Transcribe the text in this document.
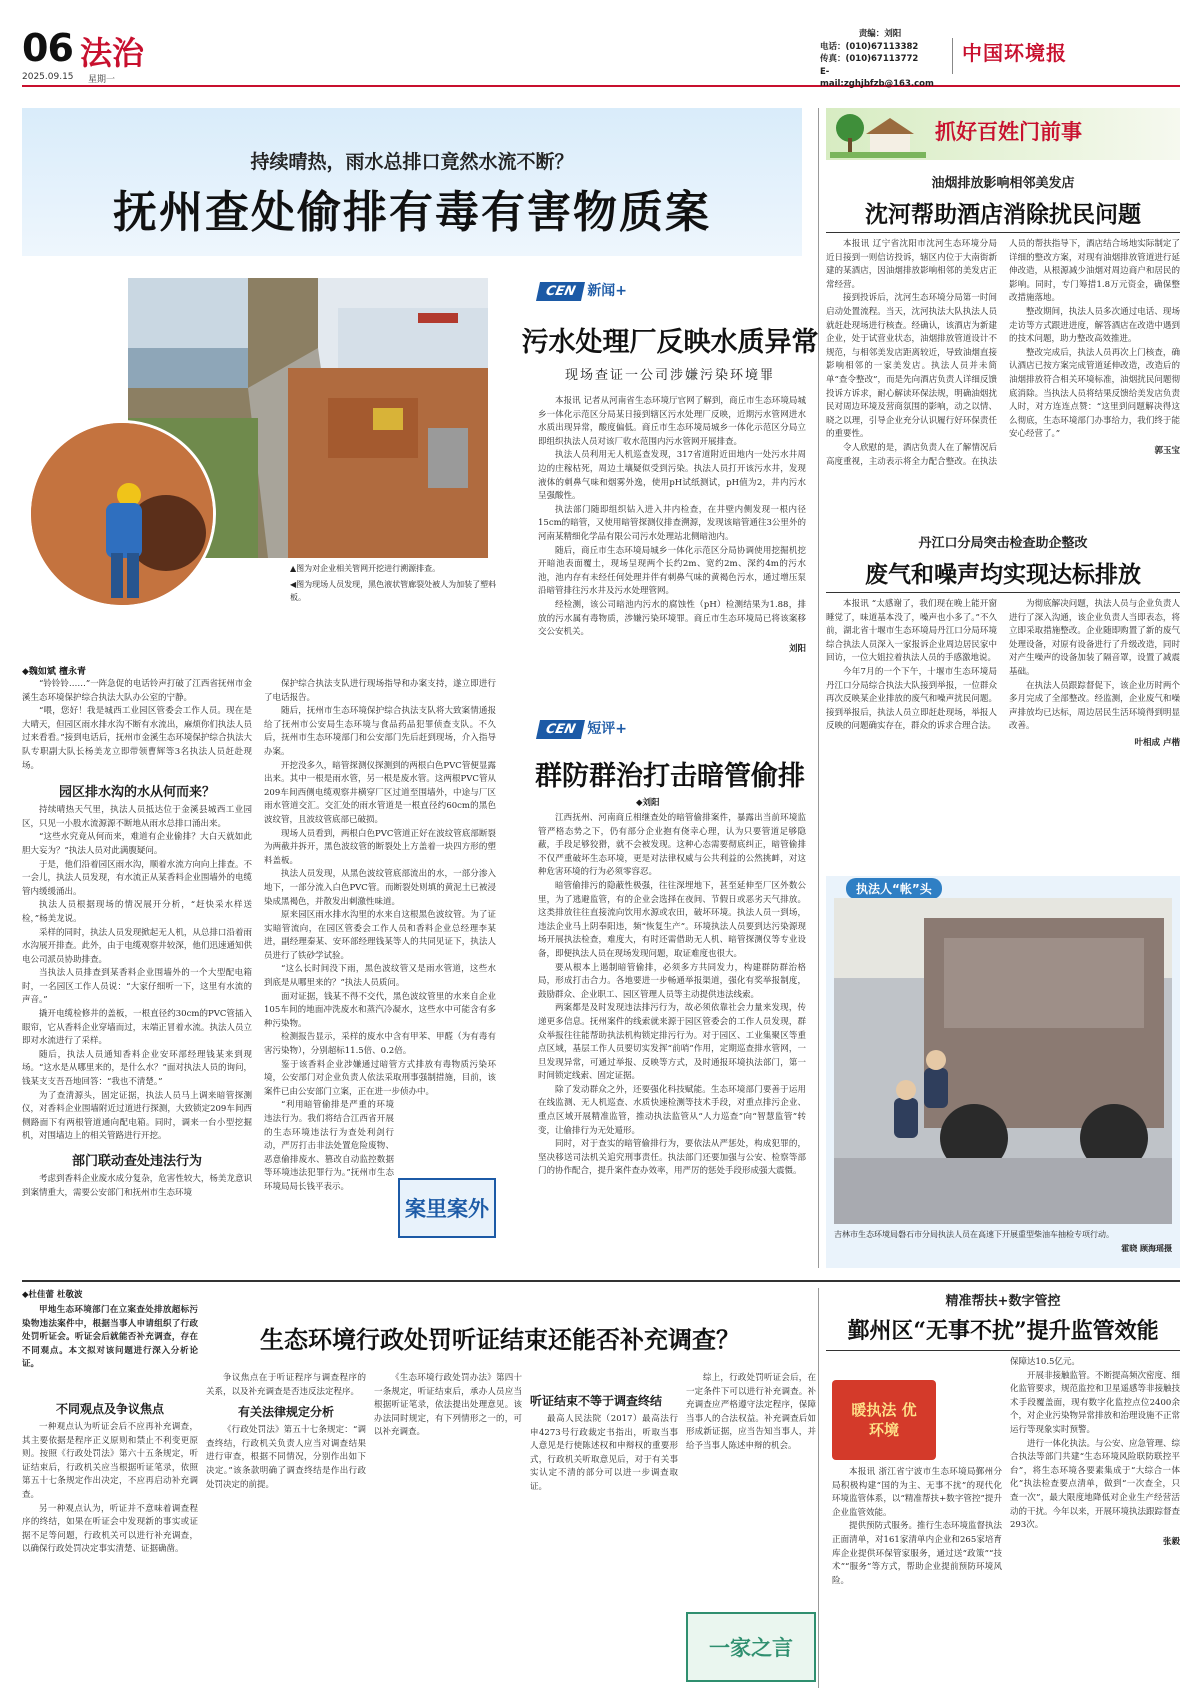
06 法治
2025.09.15 星期一
责编：刘阳
电话：(010)67113382
传真：(010)67113772
E-mail:zghjbfzb@163.com
中国环境报
持续晴热，雨水总排口竟然水流不断？
抚州查处偷排有毒有害物质案
▲图为对企业相关管网开挖进行溯源排查。
◀图为现场人员发现，黑色液状管廊裂处被人为加装了塑料板。
◆魏如斌 檀永青

“铃铃铃……”一阵急促的电话铃声打破了江西省抚州市金溪生态环境保护综合执法大队办公室的宁静。

“喂，您好！我是城西工业园区管委会工作人员。现在是大晴天，但园区雨水排水沟不断有水流出，麻烦你们执法人员过来看看。”接到电话后，抚州市金溪生态环境保护综合执法大队专职副大队长杨美龙立即带领曹辉等3名执法人员赶赴现场。

园区排水沟的水从何而来？

持续晴热天气里，执法人员抵达位于金溪县城西工业园区，只见一小股水流源源不断地从雨水总排口涌出来。

“这些水究竟从何而来，难道有企业偷排？大白天就如此胆大妄为？”执法人员对此满腹疑问。

于是，他们沿着园区雨水沟，顺着水流方向向上排查。不一会儿，执法人员发现，有水流正从某香料企业围墙外的电缆管内缓缓涌出。

执法人员根据现场的情况展开分析，“赶快采水样送检，”杨美龙说。

采样的同时，执法人员发现掀起无人机，从总排口沿着雨水沟展开排查。此外，由于电缆观察井较深，他们迅速通知供电公司派员协助排查。

当执法人员排查到某香料企业围墙外的一个大型配电箱时，一名园区工作人员说：“大家仔细听一下，这里有水流的声音。”

撬开电缆检修井的盖板，一根直径约30cm的PVC管插入眼帘，它从香料企业穿墙而过，末端正冒着水流。执法人员立即对水流进行了采样。

随后，执法人员通知香料企业安环部经理钱某来到现场。“这水是从哪里来的，是什么水？”面对执法人员的询问，钱某支支吾吾地回答：“我也不清楚。”

为了查清源头，固定证据，执法人员马上调来暗管探测仪，对香料企业围墙附近过道进行探测，大致锁定209车间西侧路面下有两根管道通向配电箱。同时，调来一台小型挖掘机，对围墙边上的相关管路进行开挖。

部门联动查处违法行为

考虑到香料企业废水成分复杂，危害性较大，杨美龙意识到案情重大，需要公安部门和抚州市生态环境

保护综合执法支队进行现场指导和办案支持，遂立即进行了电话报告。

随后，抚州市生态环境保护综合执法支队将大致案情通报给了抚州市公安局生态环境与食品药品犯罪侦查支队。不久后，抚州市生态环境部门和公安部门先后赶到现场，介入指导办案。

开挖没多久，暗管探测仪探测到的两根白色PVC管便显露出来。其中一根是雨水管，另一根是废水管。这两根PVC管从209车间西侧电缆观察井横穿厂区过道至围墙外，中途与厂区雨水管道交汇。交汇处的雨水管道是一根直径约60cm的黑色波纹管，且波纹管底部已破损。

现场人员看到，两根白色PVC管道正好在波纹管底部断裂为两截并拆开，黑色波纹管的断裂处上方盖着一块四方形的塑料盖板。

执法人员发现，从黑色波纹管底部流出的水，一部分渗入地下，一部分流入白色PVC管。而断裂处则填的黄泥土已被浸染成黑褐色，并散发出刺激性味道。

原来园区雨水排水沟里的水来自这根黑色波纹管。为了证实暗管流向，在园区管委会工作人员和香料企业总经理李某进，副经理秦某、安环部经理钱某等人的共同见证下，执法人员进行了铁砂学试验。

“这么长时间没下雨，黑色波纹管又是雨水管道，这些水到底是从哪里来的？”执法人员质问。

面对证据，钱某不得不交代，黑色波纹管里的水来自企业105车间的地面冲洗废水和蒸汽冷凝水，这些水中可能含有多种污染物。

检测报告显示，采样的废水中含有甲苯、甲醛（为有毒有害污染物），分别超标11.5倍、0.2倍。

鉴于该香料企业涉嫌通过暗管方式排放有毒物质污染环境，公安部门对企业负责人依法采取刑事强制措施，目前，该案件已由公安部门立案，正在进一步侦办中。

“利用暗管偷排是严重的环境违法行为。我们将结合江西省开展的生态环境违法行为查处利剑行动，严厉打击非法处置危险废物、恶意偷排废水、篡改自动监控数据等环境违法犯罪行为。”抚州市生态环境局局长钱平表示。

案里案外
CEN 新闻+
污水处理厂反映水质异常
现场查证一公司涉嫌污染环境罪

本报讯 记者从河南省生态环境厅官网了解到，商丘市生态环境局城乡一体化示范区分局某日接到辖区污水处理厂反映，近期污水管网进水水质出现异常，酸度偏低。商丘市生态环境局城乡一体化示范区分局立即组织执法人员对该厂收水范围内污水管网开展排查。

执法人员利用无人机巡查发现，317省道附近田地内一处污水井周边的庄稼枯死，周边土壤疑似受到污染。执法人员打开该污水井，发现液体的刺鼻气味和烟雾外逸，使用pH试纸测试，pH值为2，井内污水呈强酸性。

执法部门随即组织钻入进入井内检查，在井壁内侧发现一根内径15cm的暗管，又使用暗管探测仪排查溯源，发现该暗管通往3公里外的河南某精细化学品有限公司污水处理站北侧暗池内。

随后，商丘市生态环境局城乡一体化示范区分局协调使用挖掘机挖开暗池表面覆土，现场呈现两个长约2m、宽约2m、深约4m的污水池，池内存有未经任何处理并伴有刺鼻气味的黄褐色污水，通过增压泵沿暗管排往污水井及污水处理管网。

经检测，该公司暗池内污水的腐蚀性（pH）检测结果为1.88，排放的污水属有毒物质，涉嫌污染环境罪。商丘市生态环境局已将该案移交公安机关。

刘阳
CEN 短评+
群防群治打击暗管偷排
◆刘阳

江西抚州、河南商丘相继查处的暗管偷排案件，暴露出当前环境监管严格态势之下，仍有部分企业抱有侥幸心理，认为只要管道足够隐蔽，手段足够狡猾，就不会被发现。这种心态需要彻底纠正，暗管偷排不仅严重破坏生态环境，更是对法律权威与公共利益的公然挑衅，对这种危害环境的行为必须零容忍。

暗管偷排污的隐蔽性极强，往往深埋地下，甚至延伸至厂区外数公里，为了逃避监管，有的企业会选择在夜间、节假日或恶劣天气排放。这类排放往往直接流向饮用水源或农田，破坏环境。执法人员一到场，违法企业马上阴奉阳违，频“恢复生产”。环境执法人员要到达污染源现场开展执法检查，难度大，有时还需借助无人机、暗管探测仪等专业设备，即便执法人员在现场发现问题，取证难度也很大。

要从根本上遏制暗管偷排，必须多方共同发力，构建群防群治格局，形成打击合力。各地要进一步畅通举报渠道，强化有奖举报制度，鼓励群众、企业职工、园区管理人员等主动提供违法线索。

两案都是及时发现违法排污行为，故必须依靠社会力量来发现，传递更多信息。抚州案件的线索就来源于园区管委会的工作人员发现，群众举报往往能帮助执法机构锁定排污行为。对于园区、工业集聚区等重点区域，基层工作人员要切实发挥“前哨”作用，定期巡查排水管网，一旦发现异常，可通过举报、反映等方式，及时通报环境执法部门，第一时间锁定线索、固定证据。

除了发动群众之外，还要强化科技赋能。生态环境部门要善于运用在线监测、无人机巡查、水质快速检测等技术手段，对重点排污企业、重点区域开展精准监管，推动执法监管从“人力巡查”向“智慧监管”转变，让偷排行为无处遁形。

同时，对于查实的暗管偷排行为，要依法从严惩处，构成犯罪的，坚决移送司法机关追究刑事责任。执法部门还要加强与公安、检察等部门的协作配合，提升案件查办效率，用严厉的惩处手段形成强大震慑。

抓好百姓门前事
油烟排放影响相邻美发店
沈河帮助酒店消除扰民问题

本报讯 辽宁省沈阳市沈河生态环境分局近日接到一则信访投诉，辖区内位于大南街新建的某酒店，因油烟排放影响相邻的美发店正常经营。

接到投诉后，沈河生态环境分局第一时间启动处置流程。当天，沈河执法大队执法人员就赶赴现场进行核查。经确认，该酒店为新建企业，处于试营业状态，油烟排放管道设计不规范，与相邻美发店距离较近，导致油烟直接影响相邻的一家美发店。执法人员并未简单“查令整改”，而是先向酒店负责人详细反馈投诉方诉求，耐心解读环保法规，明确油烟扰民对周边环境及营商氛围的影响，动之以情、晓之以理，引导企业充分认识履行好环保责任的重要性。

令人欣慰的是，酒店负责人在了解情况后高度重视，主动表示将全力配合整改。在执法人员的帮扶指导下，酒店结合场地实际制定了详细的整改方案，对现有油烟排放管道进行延伸改造，从根源减少油烟对周边商户和居民的影响。同时，专门筹措1.8万元资金，确保整改措施落地。

整改期间，执法人员多次通过电话、现场走访等方式跟进进度，解答酒店在改造中遇到的技术问题，助力整改高效推进。

整改完成后，执法人员再次上门核查，确认酒店已按方案完成管道延伸改造，改造后的油烟排放符合相关环境标准，油烟扰民问题彻底消除。当执法人员将结果反馈给美发店负责人时，对方连连点赞：“这里到问题解决得这么彻底，生态环境部门办事给力，我们终于能安心经营了。”

郭玉宝
丹江口分局突击检查助企整改
废气和噪声均实现达标排放

本报讯 “太感谢了，我们现在晚上能开窗睡觉了，味道基本没了，噪声也小多了。”不久前，湖北省十堰市生态环境局丹江口分局环境综合执法人员深入一家报诉企业周边居民家中回访，一位大姐拉着执法人员的手感激地说。

今年7月的一个下午，十堰市生态环境局丹江口分局综合执法大队接到举报，一位群众再次反映某企业排放的废气和噪声扰民问题。接到举报后，执法人员立即赶赴现场，举报人反映的问题确实存在，群众的诉求合理合法。

为彻底解决问题，执法人员与企业负责人进行了深入沟通，该企业负责人当即表态，将立即采取措施整改。企业随即购置了新的废气处理设备，对原有设备进行了升级改造，同时对产生噪声的设备加装了隔音罩，设置了减震基础。

在执法人员跟踪督促下，该企业历时两个多月完成了全部整改。经监测，企业废气和噪声排放均已达标，周边居民生活环境得到明显改善。

叶相成 卢楷
执法人“帐”头
吉林市生态环境局磐石市分局执法人员在高速下开展重型柴油车抽检专项行动。
霍晓 顾海瑶摄
◆杜佳蕾 杜敬波

甲地生态环境部门在立案查处排放超标污染物违法案件中，根据当事人申请组织了行政处罚听证会。听证会后就能否补充调查，存在不同观点。本文拟对该问题进行深入分析论证。

生态环境行政处罚听证结束还能否补充调查？
不同观点及争议焦点

一种观点认为听证会后不应再补充调查，其主要依据是程序正义原则和禁止不利变更原则。按照《行政处罚法》第六十五条规定，听证结束后，行政机关应当根据听证笔录，依照第五十七条规定作出决定，不应再启动补充调查。

另一种观点认为，听证并不意味着调查程序的终结，如果在听证会中发现新的事实或证据不足等问题，行政机关可以进行补充调查，以确保行政处罚决定事实清楚、证据确凿。

争议焦点在于听证程序与调查程序的关系，以及补充调查是否违反法定程序。

有关法律规定分析

《行政处罚法》第五十七条规定：“调查终结，行政机关负责人应当对调查结果进行审查，根据不同情况，分别作出如下决定。”该条款明确了调查终结是作出行政处罚决定的前提。

《生态环境行政处罚办法》第四十一条规定，听证结束后，承办人员应当根据听证笔录，依法提出处理意见。该办法同时规定，有下列情形之一的，可以补充调查。

听证结束不等于调查终结

最高人民法院（2017）最高法行申4273号行政裁定书指出，听取当事人意见是行使陈述权和申辩权的重要形式，行政机关听取意见后，对于有关事实认定不清的部分可以进一步调查取证。

综上，行政处罚听证会后，在一定条件下可以进行补充调查。补充调查应严格遵守法定程序，保障当事人的合法权益。补充调查后如形成新证据，应当告知当事人，并给予当事人陈述申辩的机会。

一家之言
精准帮扶+数字管控
鄞州区“无事不扰”提升监管效能
暖执法 优环境

本报讯 浙江省宁波市生态环境局鄞州分局积极构建“国的为主、无事不扰”的现代化环境监管体系，以“精准帮扶+数字管控”提升企业监管效能。

提供预防式服务。推行生态环境监督执法正面清单，对161家清单内企业和265家培育库企业提供环保管家服务，通过送“政策”“技术”“服务”等方式，帮助企业提前预防环境风险。

保障达10.5亿元。

开展非接触监管。不断提高频次密度、细化监管要求，规范监控和卫星遥感等非接触技术手段覆盖面，现有数字化监控点位2400余个，对企业污染物异常排放和治理设施不正常运行等现象实时预警。

进行一体化执法。与公安、应急管理、综合执法等部门共建“生态环境风险联防联控平台”，将生态环境各要素集成于“大综合一体化”执法检查要点清单，做到“一次查全，只查一次”，最大限度地降低对企业生产经营活动的干扰。今年以来，开展环境执法跟踪督查293次。

张毅
